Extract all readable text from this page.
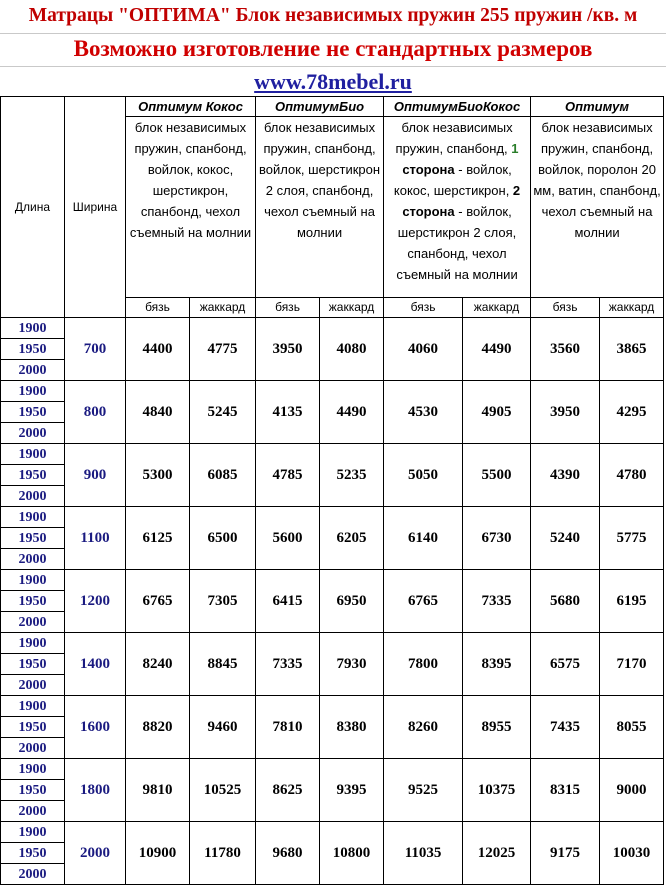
Матрацы "ОПТИМА" Блок независимых пружин 255 пружин /кв. м
Возможно изготовление не стандартных размеров
www.78mebel.ru
Длина	Ширина	Оптимум Кокос		ОптимумБио		ОптимумБиоКокос		Оптимум	
		блок независимых пружин, спанбонд, войлок, кокос, шерстикрон, спанбонд, чехол съемный на молнии		блок независимых пружин, спанбонд, войлок, шерстикрон 2 слоя, спанбонд, чехол съемный на молнии		блок независимых пружин, спанбонд, 1 сторона - войлок, кокос, шерстикрон, 2 сторона - войлок, шерстикрон 2 слоя, спанбонд, чехол съемный на молнии		блок независимых пружин, спанбонд, войлок, поролон 20 мм, ватин, спанбонд, чехол съемный на молнии	
		бязь	жаккард	бязь	жаккард	бязь	жаккард	бязь	жаккард
1900	700	4400	4775	3950	4080	4060	4490	3560	3865
1950									
2000									
1900	800	4840	5245	4135	4490	4530	4905	3950	4295
1950									
2000									
1900	900	5300	6085	4785	5235	5050	5500	4390	4780
1950									
2000									
1900	1100	6125	6500	5600	6205	6140	6730	5240	5775
1950									
2000									
1900	1200	6765	7305	6415	6950	6765	7335	5680	6195
1950									
2000									
1900	1400	8240	8845	7335	7930	7800	8395	6575	7170
1950									
2000									
1900	1600	8820	9460	7810	8380	8260	8955	7435	8055
1950									
2000									
1900	1800	9810	10525	8625	9395	9525	10375	8315	9000
1950									
2000									
1900	2000	10900	11780	9680	10800	11035	12025	9175	10030
1950									
2000									
